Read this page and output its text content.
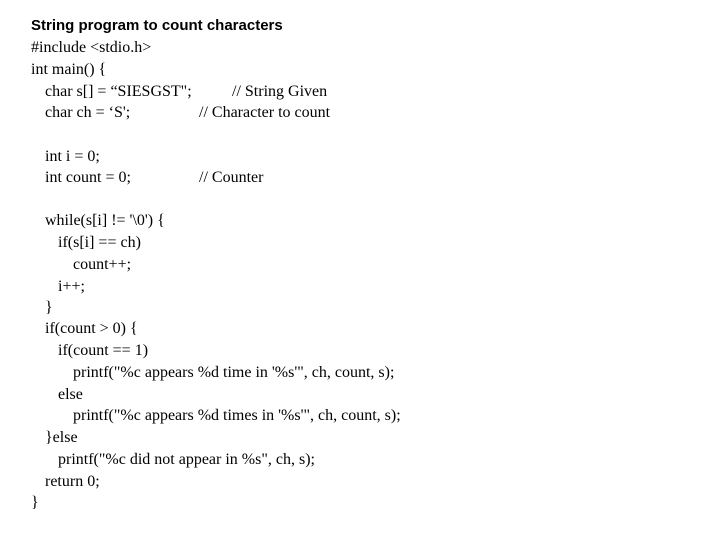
String program to count characters
#include <stdio.h>
int main() {
char s[] = “SIESGST";	// String Given
char ch = ‘S';	// Character to count
int i = 0;
int count = 0;	// Counter
while(s[i] != '\0') {
if(s[i] == ch)
count++;
i++;
}
if(count > 0) {
if(count == 1)
printf("%c appears %d time in '%s'", ch, count, s);
else
printf("%c appears %d times in '%s'", ch, count, s);
}else
printf("%c did not appear in %s", ch, s);
return 0;
}
